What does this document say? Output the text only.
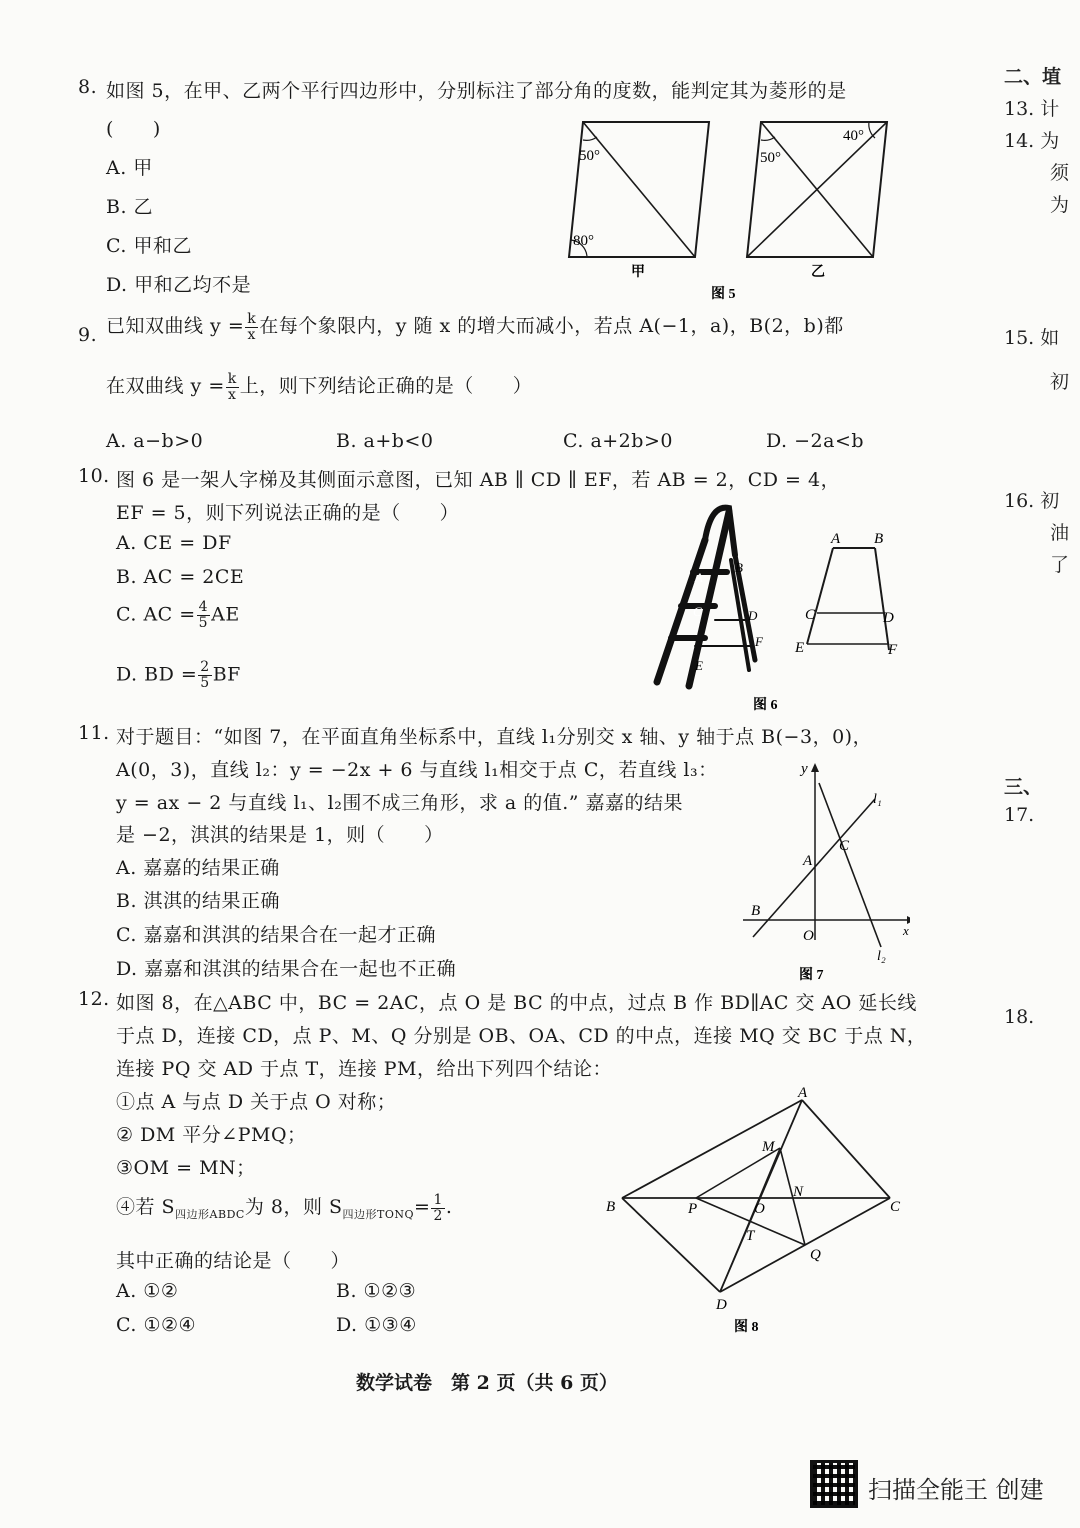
8. 如图 5，在甲、乙两个平行四边形中，分别标注了部分角的度数，能判定其为菱形的是
(　　)
A. 甲
B. 乙
C. 甲和乙
D. 甲和乙均不是
50°
80°
甲
50°
40°
乙
图 5
9. 已知双曲线 $y = \frac{k}{x}$ 在每个象限内，y 随 x 的增大而减小，若点 A(−1，a)，B(2，b)都
在双曲线 $y = \frac{k}{x}$ 上，则下列结论正确的是（　　）
A. a−b>0	B. a+b<0	C. a+2b>0	D. −2a<b
10. 图 6 是一架人字梯及其侧面示意图，已知 AB ∥ CD ∥ EF，若 AB = 2，CD = 4，
EF = 5，则下列说法正确的是（　　）
A. CE = DF
B. AC = 2CE
C. AC = $\frac{4}{5}$ AE
D. BD = $\frac{2}{5}$ BF
A
B
C	D
E
F
A B
C	D
E	F
图 6
11. 对于题目：“如图 7，在平面直角坐标系中，直线 l₁分别交 x 轴、y 轴于点 B(−3，0)，
A(0，3)，直线 l₂：y = −2x + 6 与直线 l₁相交于点 C，若直线 l₃：
y = ax − 2 与直线 l₁、l₂围不成三角形，求 a 的值.” 嘉嘉的结果
是 −2，淇淇的结果是 1，则（　　）
A. 嘉嘉的结果正确
B. 淇淇的结果正确
C. 嘉嘉和淇淇的结果合在一起才正确
D. 嘉嘉和淇淇的结果合在一起也不正确
y
x
l₁
l₂
A
B
C
O
图 7
12. 如图 8，在△ABC 中，BC = 2AC，点 O 是 BC 的中点，过点 B 作 BD∥AC 交 AO 延长线
于点 D，连接 CD，点 P、M、Q 分别是 OB、OA、CD 的中点，连接 MQ 交 BC 于点 N，
连接 PQ 交 AD 于点 T，连接 PM，给出下列四个结论：
①点 A 与点 D 关于点 O 对称；
② DM 平分∠PMQ；
③OM = MN；
④若 $S_{四边形ABDC}$为 8，则 $S_{四边形TONQ}= \frac{1}{2}$ .
其中正确的结论是（　　）
A. ①②	B. ①②③
C. ①②④	D. ①③④
A
B	C
D
M
N
O
P
Q
T
图 8
数学试卷　第 2 页（共 6 页）
扫描全能王 创建
二、埴
13. 计
14. 为
须
为
15. 如
初
16. 初
油
了
三、
17.
18.
